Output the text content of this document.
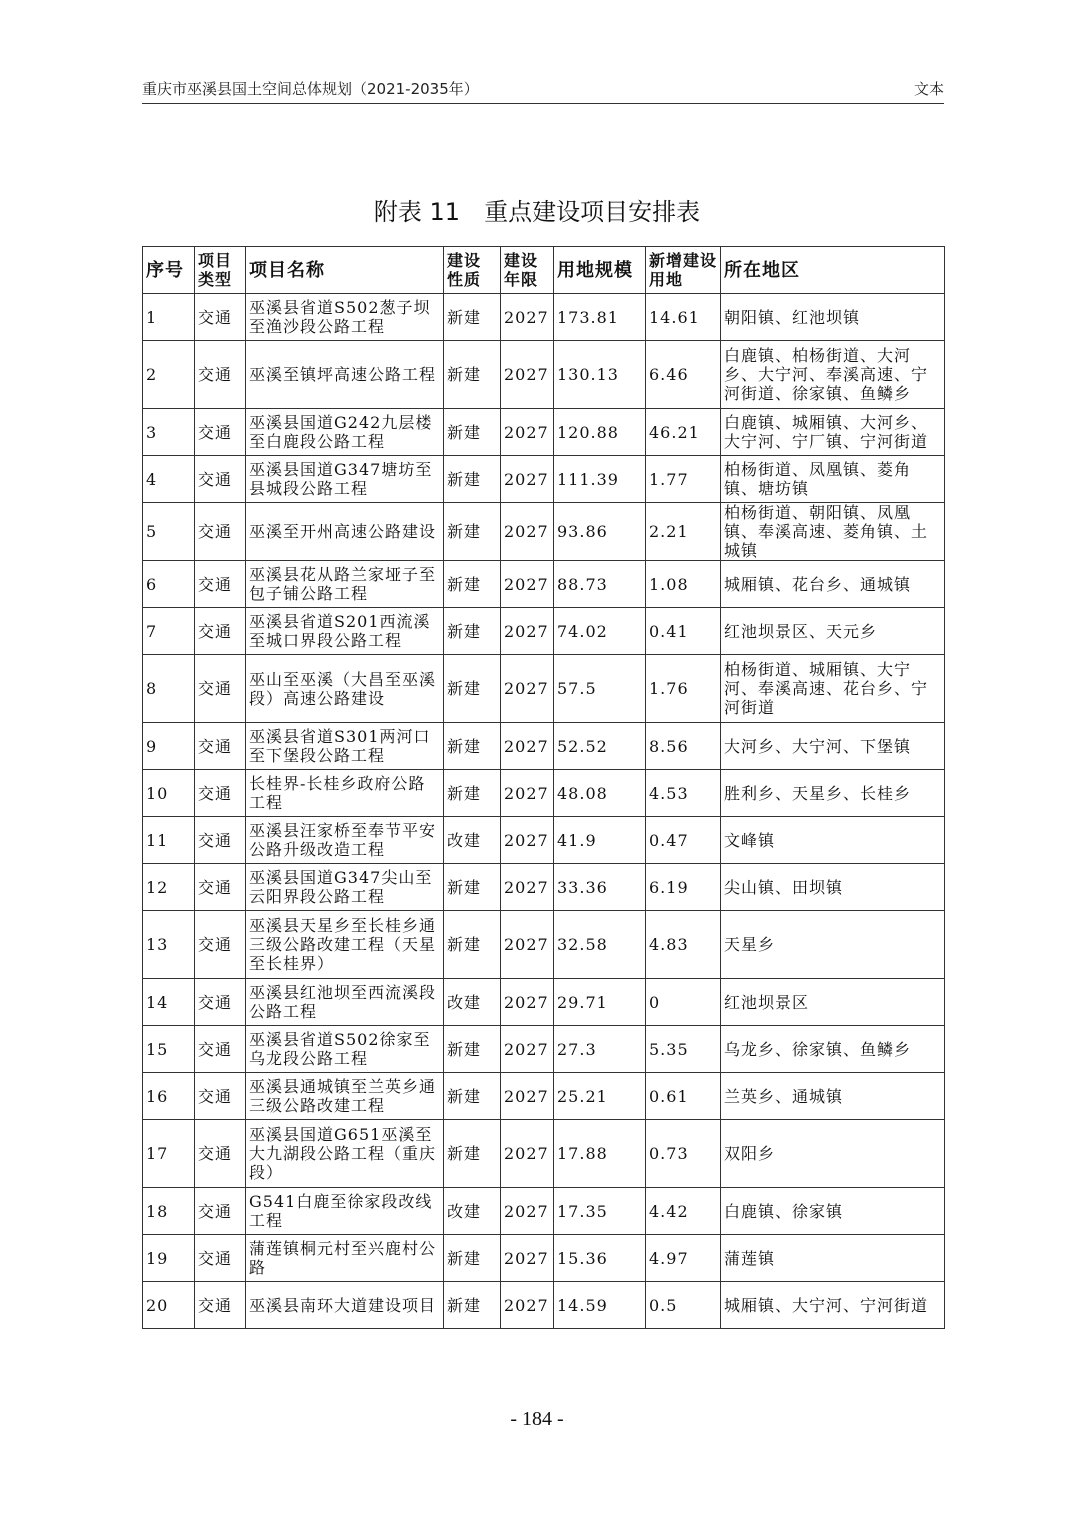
重庆市巫溪县国土空间总体规划（2021-2035年）	文本
附表 11　重点建设项目安排表
序号	项目类型	项目名称	建设性质	建设年限	用地规模	新增建设用地	所在地区
1	交通	巫溪县省道S502葱子坝至渔沙段公路工程	新建	2027	173.81	14.61	朝阳镇、红池坝镇
2	交通	巫溪至镇坪高速公路工程	新建	2027	130.13	6.46	白鹿镇、柏杨街道、大河乡、大宁河、奉溪高速、宁河街道、徐家镇、鱼鳞乡
3	交通	巫溪县国道G242九层楼至白鹿段公路工程	新建	2027	120.88	46.21	白鹿镇、城厢镇、大河乡、大宁河、宁厂镇、宁河街道
4	交通	巫溪县国道G347塘坊至县城段公路工程	新建	2027	111.39	1.77	柏杨街道、凤凰镇、菱角镇、塘坊镇
5	交通	巫溪至开州高速公路建设	新建	2027	93.86	2.21	柏杨街道、朝阳镇、凤凰镇、奉溪高速、菱角镇、土城镇
6	交通	巫溪县花从路兰家垭子至包子铺公路工程	新建	2027	88.73	1.08	城厢镇、花台乡、通城镇
7	交通	巫溪县省道S201西流溪至城口界段公路工程	新建	2027	74.02	0.41	红池坝景区、天元乡
8	交通	巫山至巫溪（大昌至巫溪段）高速公路建设	新建	2027	57.5	1.76	柏杨街道、城厢镇、大宁河、奉溪高速、花台乡、宁河街道
9	交通	巫溪县省道S301两河口至下堡段公路工程	新建	2027	52.52	8.56	大河乡、大宁河、下堡镇
10	交通	长桂界-长桂乡政府公路工程	新建	2027	48.08	4.53	胜利乡、天星乡、长桂乡
11	交通	巫溪县汪家桥至奉节平安公路升级改造工程	改建	2027	41.9	0.47	文峰镇
12	交通	巫溪县国道G347尖山至云阳界段公路工程	新建	2027	33.36	6.19	尖山镇、田坝镇
13	交通	巫溪县天星乡至长桂乡通三级公路改建工程（天星至长桂界）	新建	2027	32.58	4.83	天星乡
14	交通	巫溪县红池坝至西流溪段公路工程	改建	2027	29.71	0	红池坝景区
15	交通	巫溪县省道S502徐家至乌龙段公路工程	新建	2027	27.3	5.35	乌龙乡、徐家镇、鱼鳞乡
16	交通	巫溪县通城镇至兰英乡通三级公路改建工程	新建	2027	25.21	0.61	兰英乡、通城镇
17	交通	巫溪县国道G651巫溪至大九湖段公路工程（重庆段）	新建	2027	17.88	0.73	双阳乡
18	交通	G541白鹿至徐家段改线工程	改建	2027	17.35	4.42	白鹿镇、徐家镇
19	交通	蒲莲镇桐元村至兴鹿村公路	新建	2027	15.36	4.97	蒲莲镇
20	交通	巫溪县南环大道建设项目	新建	2027	14.59	0.5	城厢镇、大宁河、宁河街道
- 184 -
